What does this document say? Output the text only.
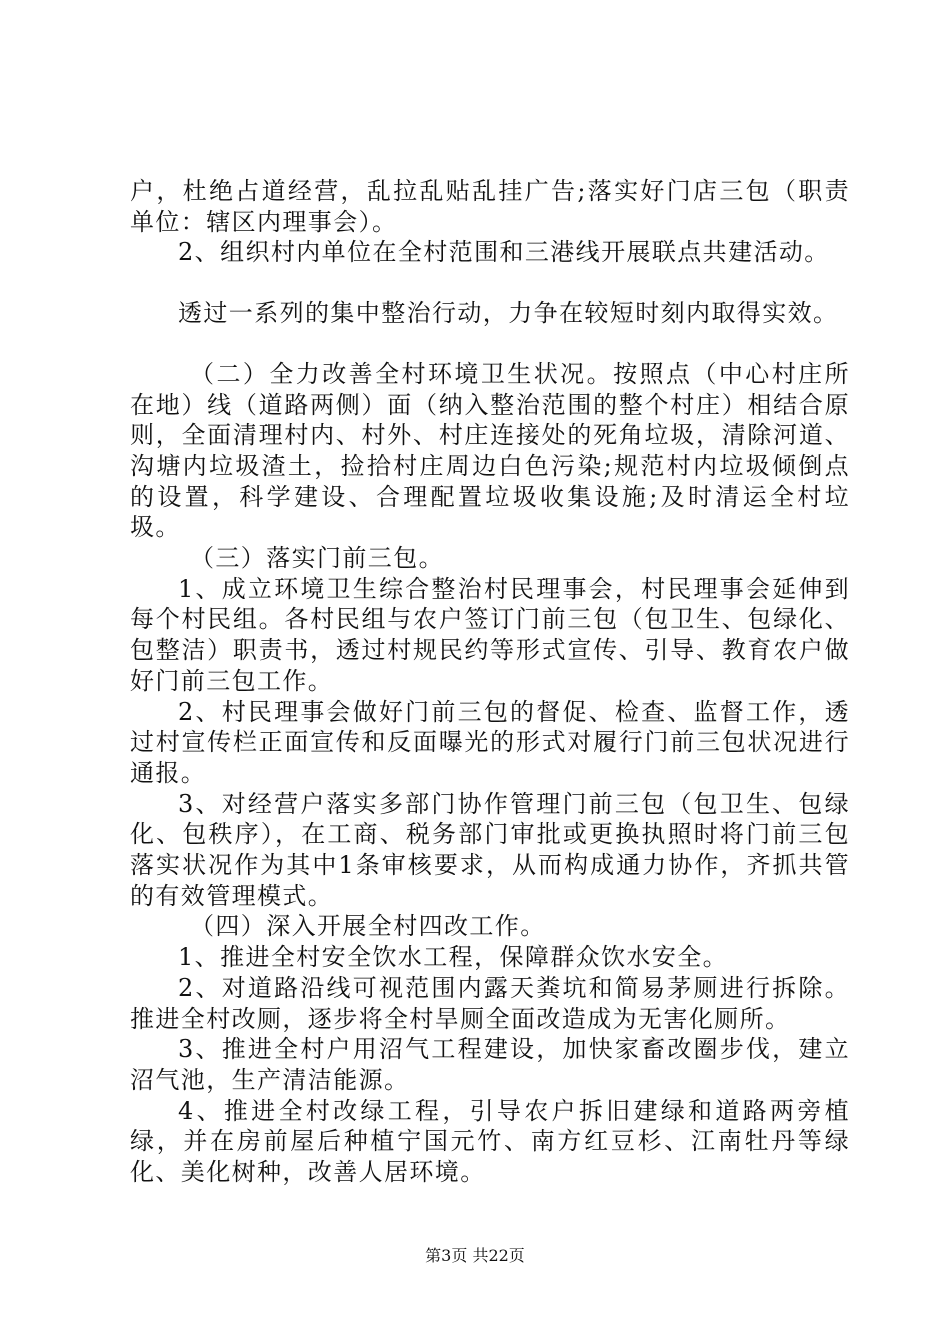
户，杜绝占道经营，乱拉乱贴乱挂广告;落实好门店三包（职责单位：辖区内理事会）。

2、组织村内单位在全村范围和三港线开展联点共建活动。

透过一系列的集中整治行动，力争在较短时刻内取得实效。

（二）全力改善全村环境卫生状况。按照点（中心村庄所在地）线（道路两侧）面（纳入整治范围的整个村庄）相结合原则，全面清理村内、村外、村庄连接处的死角垃圾，清除河道、沟塘内垃圾渣土，捡拾村庄周边白色污染;规范村内垃圾倾倒点的设置，科学建设、合理配置垃圾收集设施;及时清运全村垃圾。

（三）落实门前三包。

1、成立环境卫生综合整治村民理事会，村民理事会延伸到每个村民组。各村民组与农户签订门前三包（包卫生、包绿化、包整洁）职责书，透过村规民约等形式宣传、引导、教育农户做好门前三包工作。

2、村民理事会做好门前三包的督促、检查、监督工作，透过村宣传栏正面宣传和反面曝光的形式对履行门前三包状况进行通报。

3、对经营户落实多部门协作管理门前三包（包卫生、包绿化、包秩序），在工商、税务部门审批或更换执照时将门前三包落实状况作为其中1条审核要求，从而构成通力协作，齐抓共管的有效管理模式。

（四）深入开展全村四改工作。

1、推进全村安全饮水工程，保障群众饮水安全。

2、对道路沿线可视范围内露天粪坑和简易茅厕进行拆除。推进全村改厕，逐步将全村旱厕全面改造成为无害化厕所。

3、推进全村户用沼气工程建设，加快家畜改圈步伐，建立沼气池，生产清洁能源。

4、推进全村改绿工程，引导农户拆旧建绿和道路两旁植绿，并在房前屋后种植宁国元竹、南方红豆杉、江南牡丹等绿化、美化树种，改善人居环境。

第3页 共22页
